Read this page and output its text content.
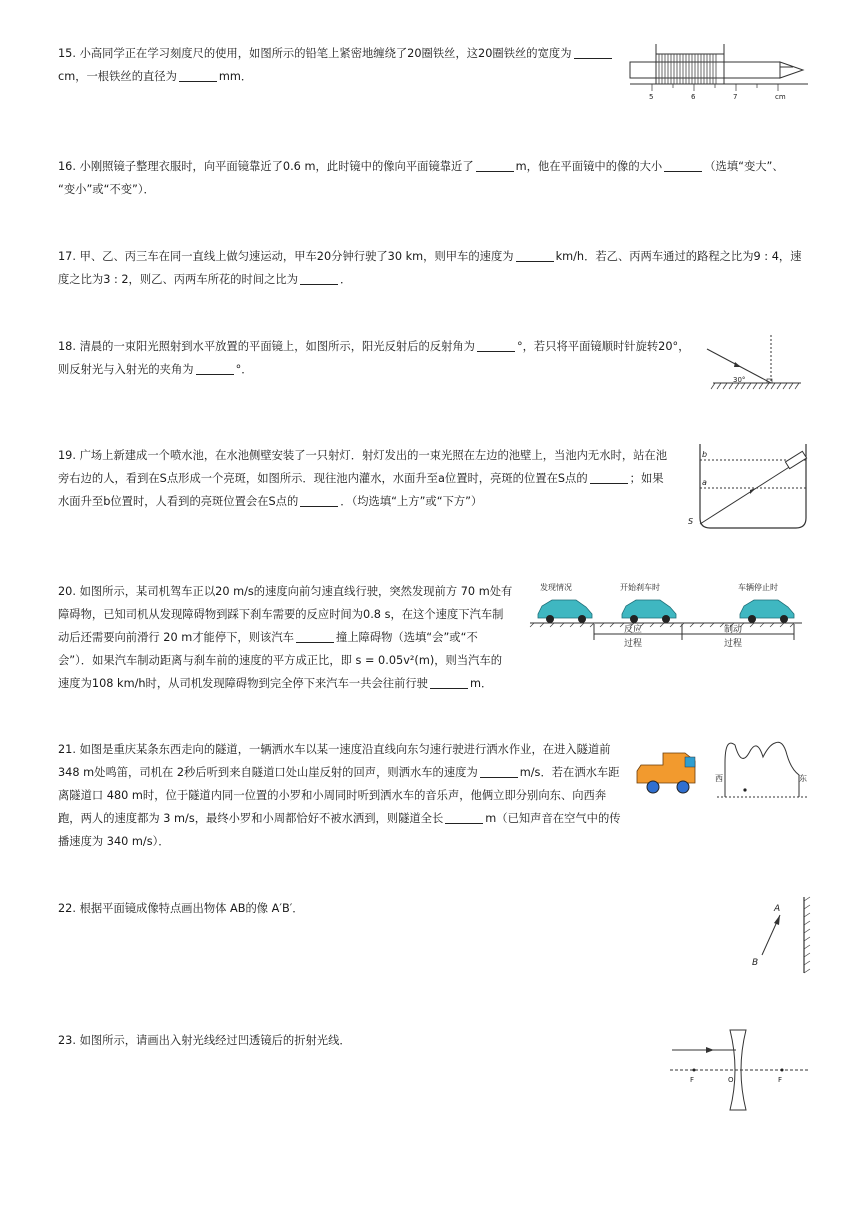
15. 小高同学正在学习刻度尺的使用，如图所示的铅笔上紧密地缠绕了20圈铁丝，这20圈铁丝的宽度为

cm，一根铁丝的直径为	mm．

5	6	7	cm

16. 小刚照镜子整理衣服时，向平面镜靠近了0.6 m，此时镜中的像向平面镜靠近了	m，他在平面镜中的像的大小	（选填“变大”、

“变小”或“不变”）．

17. 甲、乙、丙三车在同一直线上做匀速运动，甲车20分钟行驶了30 km，则甲车的速度为	km/h．若乙、丙两车通过的路程之比为9 : 4，速

度之比为3 : 2，则乙、丙两车所花的时间之比为	．

18. 清晨的一束阳光照射到水平放置的平面镜上，如图所示，阳光反射后的反射角为	°，若只将平面镜顺时针旋转20°，

则反射光与入射光的夹角为	°．

30°

19. 广场上新建成一个喷水池，在水池侧壁安装了一只射灯．射灯发出的一束光照在左边的池壁上，当池内无水时，站在池

旁右边的人，看到在S点形成一个亮斑，如图所示．现往池内灌水，水面升至a位置时，亮斑的位置在S点的	；如果

水面升至b位置时，人看到的亮斑位置会在S点的	．（均选填“上方”或“下方”）

b
a
S

20. 如图所示，某司机驾车正以20 m/s的速度向前匀速直线行驶，突然发现前方 70 m处有

障碍物，已知司机从发现障碍物到踩下刹车需要的反应时间为0.8 s，在这个速度下汽车制

动后还需要向前滑行 20 m才能停下，则该汽车	撞上障碍物（选填“会”或“不

会”）．如果汽车制动距离与刹车前的速度的平方成正比，即 s = 0.05v²(m)，则当汽车的

速度为108 km/h时，从司机发现障碍物到完全停下来汽车一共会往前行驶	m．

发现情况	开始刹车时	车辆停止时
反应
过程
制动
过程

21. 如图是重庆某条东西走向的隧道，一辆洒水车以某一速度沿直线向东匀速行驶进行洒水作业，在进入隧道前

348 m处鸣笛，司机在 2秒后听到来自隧道口处山崖反射的回声，则洒水车的速度为	m/s．若在洒水车距

离隧道口 480 m时，位于隧道内同一位置的小罗和小周同时听到洒水车的音乐声，他俩立即分别向东、向西奔

跑，两人的速度都为 3 m/s，最终小罗和小周都恰好不被水洒到，则隧道全长	m（已知声音在空气中的传

播速度为 340 m/s）．

西	东

22. 根据平面镜成像特点画出物体 AB的像 A′B′．	A
B

23. 如图所示，请画出入射光线经过凹透镜后的折射光线．

F	O	F
